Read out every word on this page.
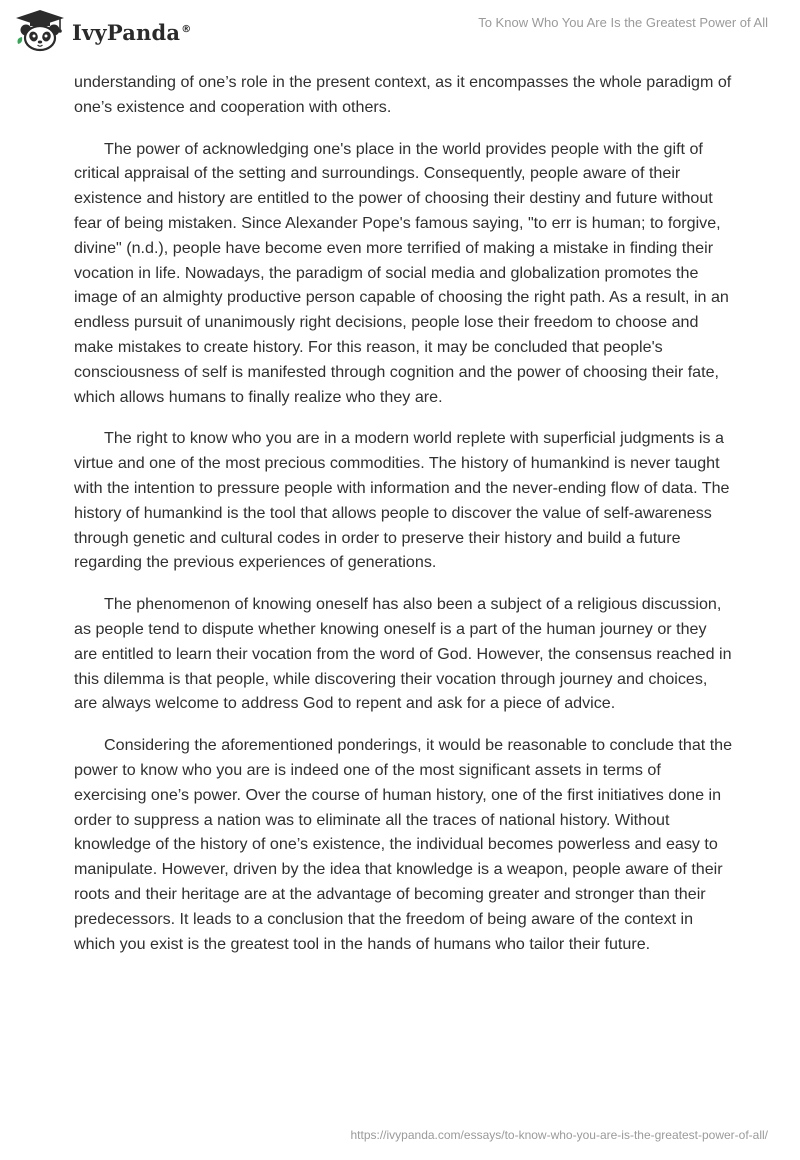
IvyPanda®	To Know Who You Are Is the Greatest Power of All

understanding of one’s role in the present context, as it encompasses the whole paradigm of one’s existence and cooperation with others.

The power of acknowledging one's place in the world provides people with the gift of critical appraisal of the setting and surroundings. Consequently, people aware of their existence and history are entitled to the power of choosing their destiny and future without fear of being mistaken. Since Alexander Pope's famous saying, "to err is human; to forgive, divine" (n.d.), people have become even more terrified of making a mistake in finding their vocation in life. Nowadays, the paradigm of social media and globalization promotes the image of an almighty productive person capable of choosing the right path. As a result, in an endless pursuit of unanimously right decisions, people lose their freedom to choose and make mistakes to create history. For this reason, it may be concluded that people's consciousness of self is manifested through cognition and the power of choosing their fate, which allows humans to finally realize who they are.

The right to know who you are in a modern world replete with superficial judgments is a virtue and one of the most precious commodities. The history of humankind is never taught with the intention to pressure people with information and the never-ending flow of data. The history of humankind is the tool that allows people to discover the value of self-awareness through genetic and cultural codes in order to preserve their history and build a future regarding the previous experiences of generations.

The phenomenon of knowing oneself has also been a subject of a religious discussion, as people tend to dispute whether knowing oneself is a part of the human journey or they are entitled to learn their vocation from the word of God. However, the consensus reached in this dilemma is that people, while discovering their vocation through journey and choices, are always welcome to address God to repent and ask for a piece of advice.

Considering the aforementioned ponderings, it would be reasonable to conclude that the power to know who you are is indeed one of the most significant assets in terms of exercising one’s power. Over the course of human history, one of the first initiatives done in order to suppress a nation was to eliminate all the traces of national history. Without knowledge of the history of one’s existence, the individual becomes powerless and easy to manipulate. However, driven by the idea that knowledge is a weapon, people aware of their roots and their heritage are at the advantage of becoming greater and stronger than their predecessors. It leads to a conclusion that the freedom of being aware of the context in which you exist is the greatest tool in the hands of humans who tailor their future.

https://ivypanda.com/essays/to-know-who-you-are-is-the-greatest-power-of-all/
